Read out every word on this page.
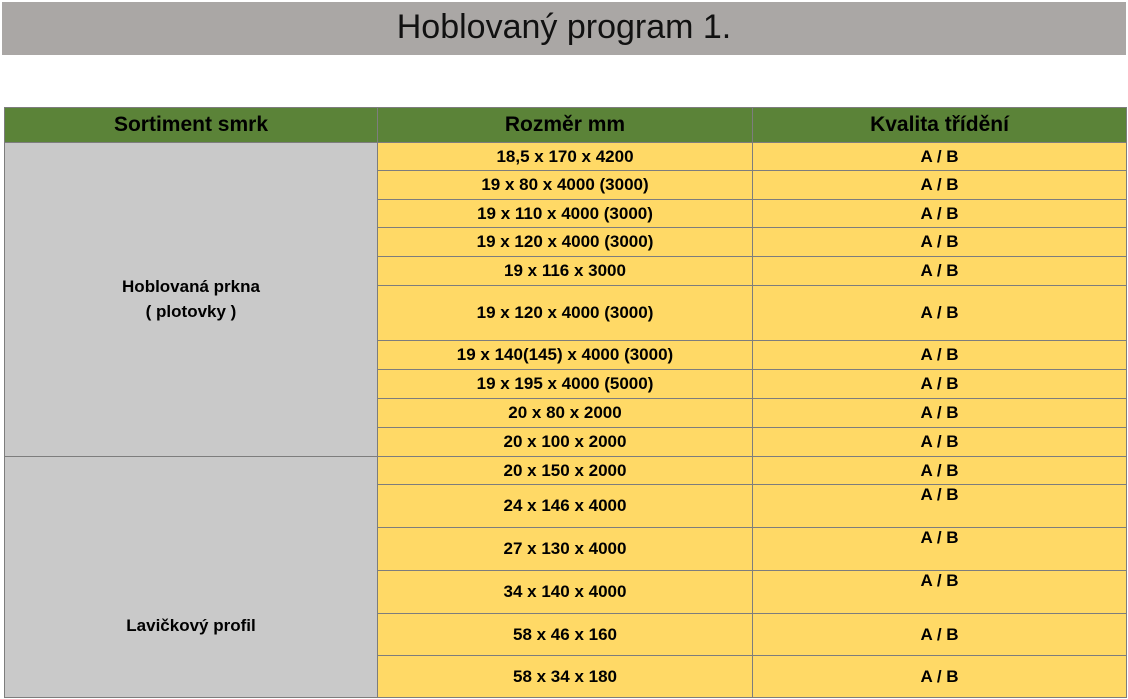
Hoblovaný program 1.
Sortiment smrk	Rozměr mm	Kvalita třídění

Hoblovaná prkna
( plotovky )	18,5 x 170 x 4200	A / B
	19 x 80 x 4000 (3000)	A / B
	19 x 110 x 4000 (3000)	A / B
	19 x 120 x 4000 (3000)	A / B
	19 x 116 x 3000	A / B
	19 x 120 x 4000 (3000)	A / B
	19 x 140(145) x 4000 (3000)	A / B
	19 x 195 x 4000 (5000)	A / B
	20 x 80 x 2000	A / B
	20 x 100 x 2000	A / B

Lavičkový profil	20 x 150 x 2000	A / B
	24 x 146 x 4000	A / B
	27 x 130 x 4000	A / B
	34 x 140 x 4000	A / B
	58 x 46 x 160	A / B
	58 x 34 x 180	A / B
